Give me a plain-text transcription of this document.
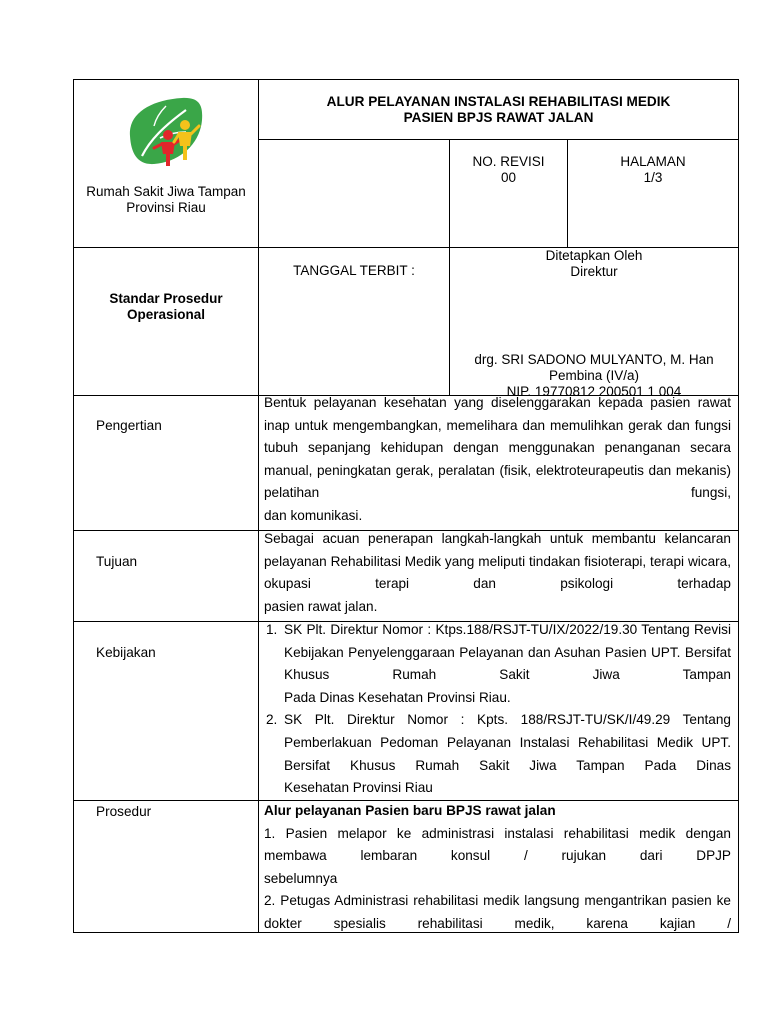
Rumah Sakit Jiwa Tampan
Provinsi Riau
ALUR PELAYANAN INSTALASI REHABILITASI MEDIK
PASIEN BPJS RAWAT JALAN
NO. REVISI
00
HALAMAN
1/3
Standar Prosedur
Operasional
TANGGAL TERBIT :
Ditetapkan Oleh
Direktur
drg. SRI SADONO MULYANTO, M. Han
Pembina (IV/a)
NIP. 19770812 200501 1 004
Pengertian
Bentuk pelayanan kesehatan yang diselenggarakan kepada pasien rawat inap untuk mengembangkan, memelihara dan memulihkan gerak dan fungsi tubuh sepanjang kehidupan dengan menggunakan penanganan secara manual, peningkatan gerak, peralatan (fisik, elektroteurapeutis dan mekanis) pelatihan fungsi,
dan komunikasi.
Tujuan
Sebagai acuan penerapan langkah-langkah untuk membantu kelancaran pelayanan Rehabilitasi Medik yang meliputi tindakan fisioterapi, terapi wicara, okupasi terapi dan psikologi terhadap
pasien rawat jalan.
Kebijakan
1. SK Plt. Direktur Nomor : Ktps.188/RSJT-TU/IX/2022/19.30 Tentang Revisi Kebijakan Penyelenggaraan Pelayanan dan Asuhan Pasien UPT. Bersifat Khusus Rumah Sakit Jiwa Tampan
Pada Dinas Kesehatan Provinsi Riau.
2. SK Plt. Direktur Nomor : Kpts. 188/RSJT-TU/SK/I/49.29 Tentang Pemberlakuan Pedoman Pelayanan Instalasi Rehabilitasi Medik UPT. Bersifat Khusus Rumah Sakit Jiwa Tampan Pada Dinas
Kesehatan Provinsi Riau
Prosedur	Alur pelayanan Pasien baru BPJS rawat jalan
1. Pasien melapor ke administrasi instalasi rehabilitasi medik dengan membawa lembaran konsul / rujukan dari DPJP
sebelumnya
2. Petugas Administrasi rehabilitasi medik langsung mengantrikan pasien ke dokter spesialis rehabilitasi medik, karena kajian /
